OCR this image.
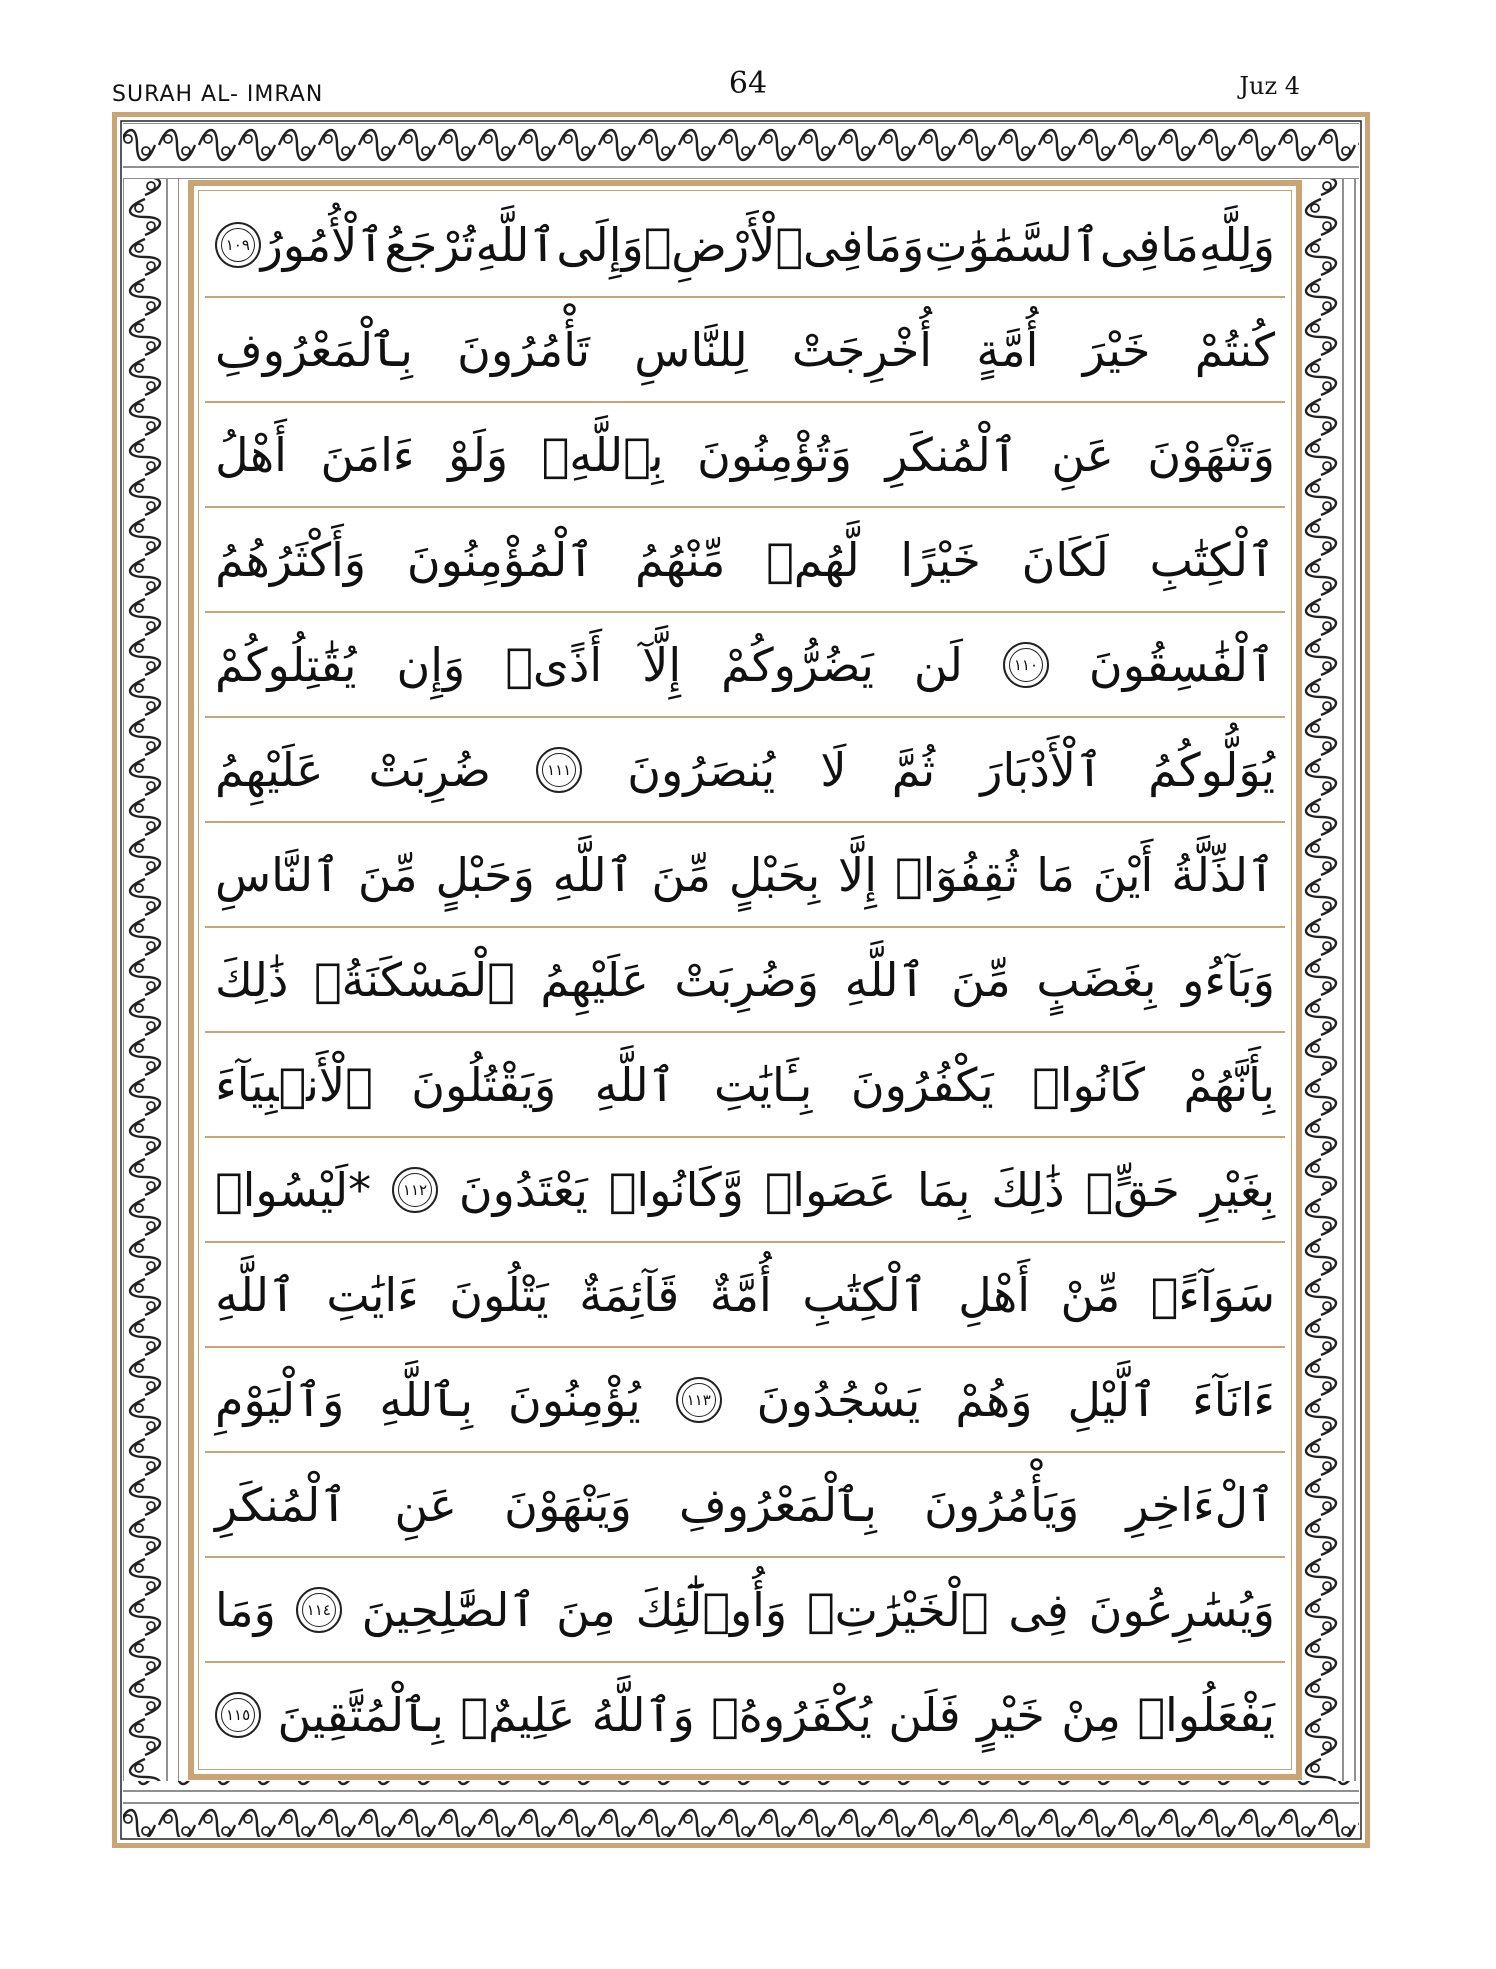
SURAH AL- IMRAN	64	Juz 4
وَلِلَّهِ
مَا
فِى
ٱلسَّمَٰوَٰتِ
وَمَا
فِى
ٱلْأَرْضِۚ
وَإِلَى
ٱللَّهِ
تُرْجَعُ
ٱلْأُمُورُ
١٠٩
كُنتُمْ
خَيْرَ
أُمَّةٍ
أُخْرِجَتْ
لِلنَّاسِ
تَأْمُرُونَ
بِٱلْمَعْرُوفِ
وَتَنْهَوْنَ
عَنِ
ٱلْمُنكَرِ
وَتُؤْمِنُونَ
بِٱللَّهِۗ
وَلَوْ
ءَامَنَ
أَهْلُ
ٱلْكِتَٰبِ
لَكَانَ
خَيْرًا
لَّهُمۚ
مِّنْهُمُ
ٱلْمُؤْمِنُونَ
وَأَكْثَرُهُمُ
ٱلْفَٰسِقُونَ
١١٠
لَن
يَضُرُّوكُمْ
إِلَّآ
أَذًىۖ
وَإِن
يُقَٰتِلُوكُمْ
يُوَلُّوكُمُ
ٱلْأَدْبَارَ
ثُمَّ
لَا
يُنصَرُونَ
١١١
ضُرِبَتْ
عَلَيْهِمُ
ٱلذِّلَّةُ
أَيْنَ
مَا
ثُقِفُوٓا۟
إِلَّا
بِحَبْلٍ
مِّنَ
ٱللَّهِ
وَحَبْلٍ
مِّنَ
ٱلنَّاسِ
وَبَآءُو
بِغَضَبٍ
مِّنَ
ٱللَّهِ
وَضُرِبَتْ
عَلَيْهِمُ
ٱلْمَسْكَنَةُۚ
ذَٰلِكَ
بِأَنَّهُمْ
كَانُوا۟
يَكْفُرُونَ
بِـَٔايَٰتِ
ٱللَّهِ
وَيَقْتُلُونَ
ٱلْأَنۢبِيَآءَ
بِغَيْرِ
حَقٍّۚ
ذَٰلِكَ
بِمَا
عَصَوا۟
وَّكَانُوا۟
يَعْتَدُونَ
١١٢
*لَيْسُوا۟
سَوَآءًۗ
مِّنْ
أَهْلِ
ٱلْكِتَٰبِ
أُمَّةٌ
قَآئِمَةٌ
يَتْلُونَ
ءَايَٰتِ
ٱللَّهِ
ءَانَآءَ
ٱلَّيْلِ
وَهُمْ
يَسْجُدُونَ
١١٣
يُؤْمِنُونَ
بِٱللَّهِ
وَٱلْيَوْمِ
ٱلْءَاخِرِ
وَيَأْمُرُونَ
بِٱلْمَعْرُوفِ
وَيَنْهَوْنَ
عَنِ
ٱلْمُنكَرِ
وَيُسَٰرِعُونَ
فِى
ٱلْخَيْرَٰتِۖ
وَأُو۟لَٰٓئِكَ
مِنَ
ٱلصَّٰلِحِينَ
١١٤
وَمَا
يَفْعَلُوا۟
مِنْ
خَيْرٍ
فَلَن
يُكْفَرُوهُۗ
وَٱللَّهُ
عَلِيمٌۢ
بِٱلْمُتَّقِينَ
١١٥
